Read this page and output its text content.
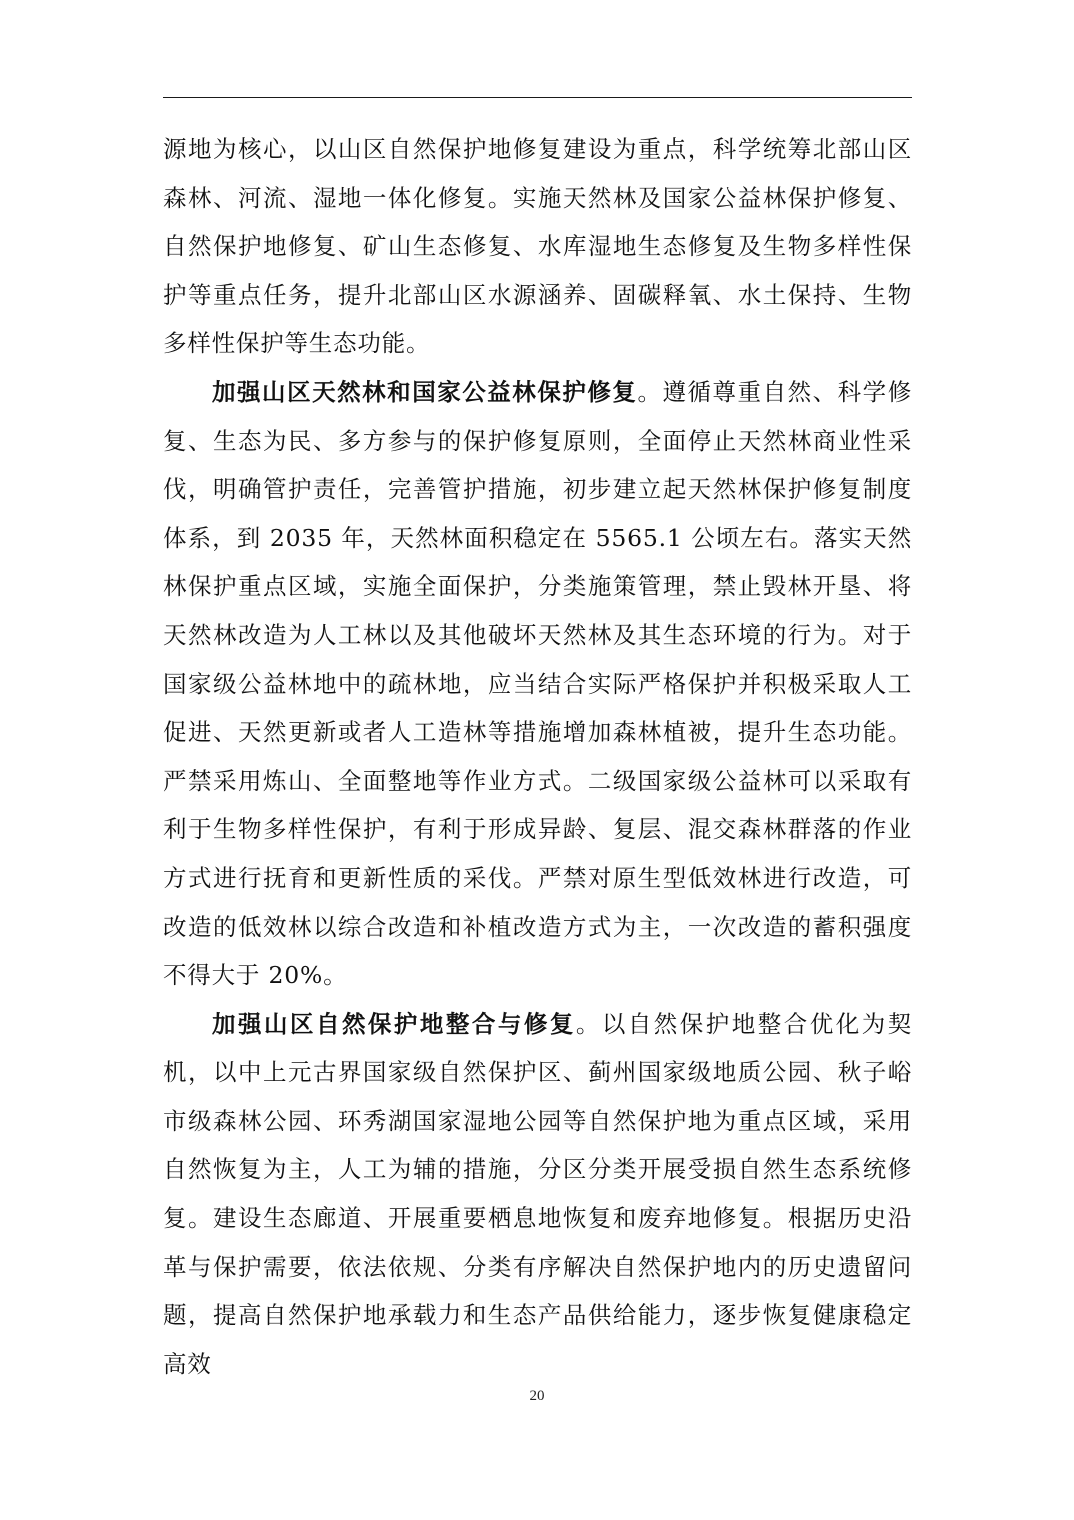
源地为核心，以山区自然保护地修复建设为重点，科学统筹北部山区森林、河流、湿地一体化修复。实施天然林及国家公益林保护修复、自然保护地修复、矿山生态修复、水库湿地生态修复及生物多样性保护等重点任务，提升北部山区水源涵养、固碳释氧、水土保持、生物多样性保护等生态功能。

加强山区天然林和国家公益林保护修复。遵循尊重自然、科学修复、生态为民、多方参与的保护修复原则，全面停止天然林商业性采伐，明确管护责任，完善管护措施，初步建立起天然林保护修复制度体系，到 2035 年，天然林面积稳定在 5565.1 公顷左右。落实天然林保护重点区域，实施全面保护，分类施策管理，禁止毁林开垦、将天然林改造为人工林以及其他破坏天然林及其生态环境的行为。对于国家级公益林地中的疏林地，应当结合实际严格保护并积极采取人工促进、天然更新或者人工造林等措施增加森林植被，提升生态功能。严禁采用炼山、全面整地等作业方式。二级国家级公益林可以采取有利于生物多样性保护，有利于形成异龄、复层、混交森林群落的作业方式进行抚育和更新性质的采伐。严禁对原生型低效林进行改造，可改造的低效林以综合改造和补植改造方式为主，一次改造的蓄积强度不得大于 20%。

加强山区自然保护地整合与修复。以自然保护地整合优化为契机，以中上元古界国家级自然保护区、蓟州国家级地质公园、秋子峪市级森林公园、环秀湖国家湿地公园等自然保护地为重点区域，采用自然恢复为主，人工为辅的措施，分区分类开展受损自然生态系统修复。建设生态廊道、开展重要栖息地恢复和废弃地修复。根据历史沿革与保护需要，依法依规、分类有序解决自然保护地内的历史遗留问题，提高自然保护地承载力和生态产品供给能力，逐步恢复健康稳定高效

20
